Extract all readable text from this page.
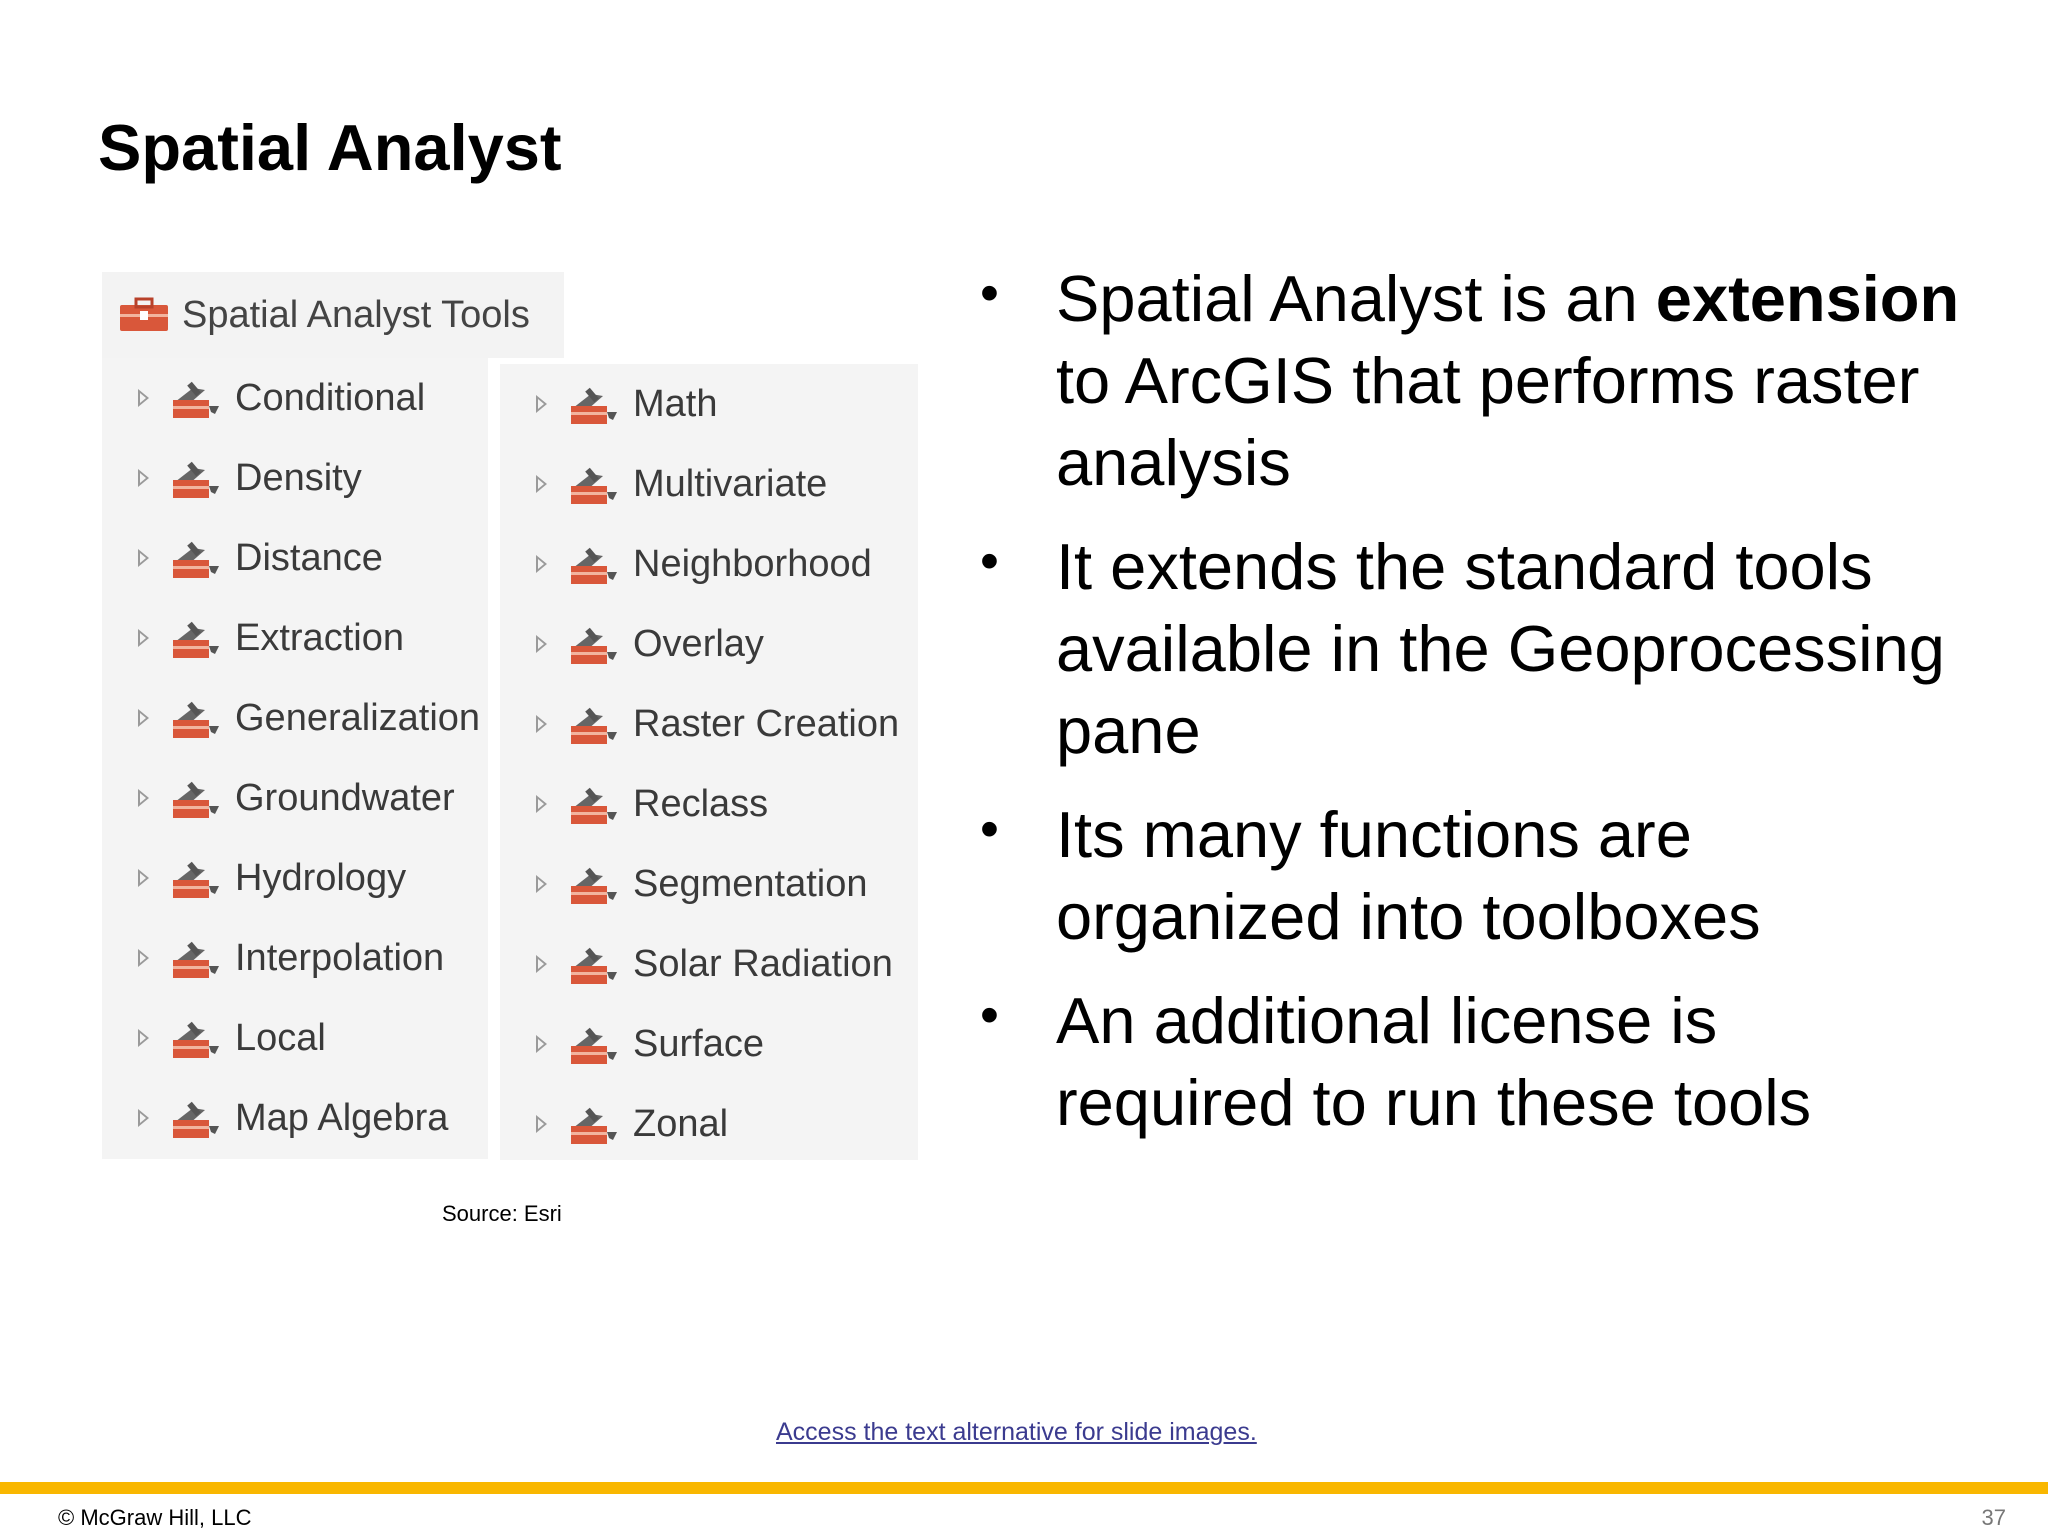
Spatial Analyst
Spatial Analyst Tools
Conditional
Density
Distance
Extraction
Generalization
Groundwater
Hydrology
Interpolation
Local
Map Algebra
Math
Multivariate
Neighborhood
Overlay
Raster Creation
Reclass
Segmentation
Solar Radiation
Surface
Zonal
Source: Esri
• Spatial Analyst is an extension to ArcGIS that performs raster analysis
• It extends the standard tools available in the Geoprocessing pane
• Its many functions are organized into toolboxes
• An additional license is required to run these tools
Access the text alternative for slide images.
© McGraw Hill, LLC	37
